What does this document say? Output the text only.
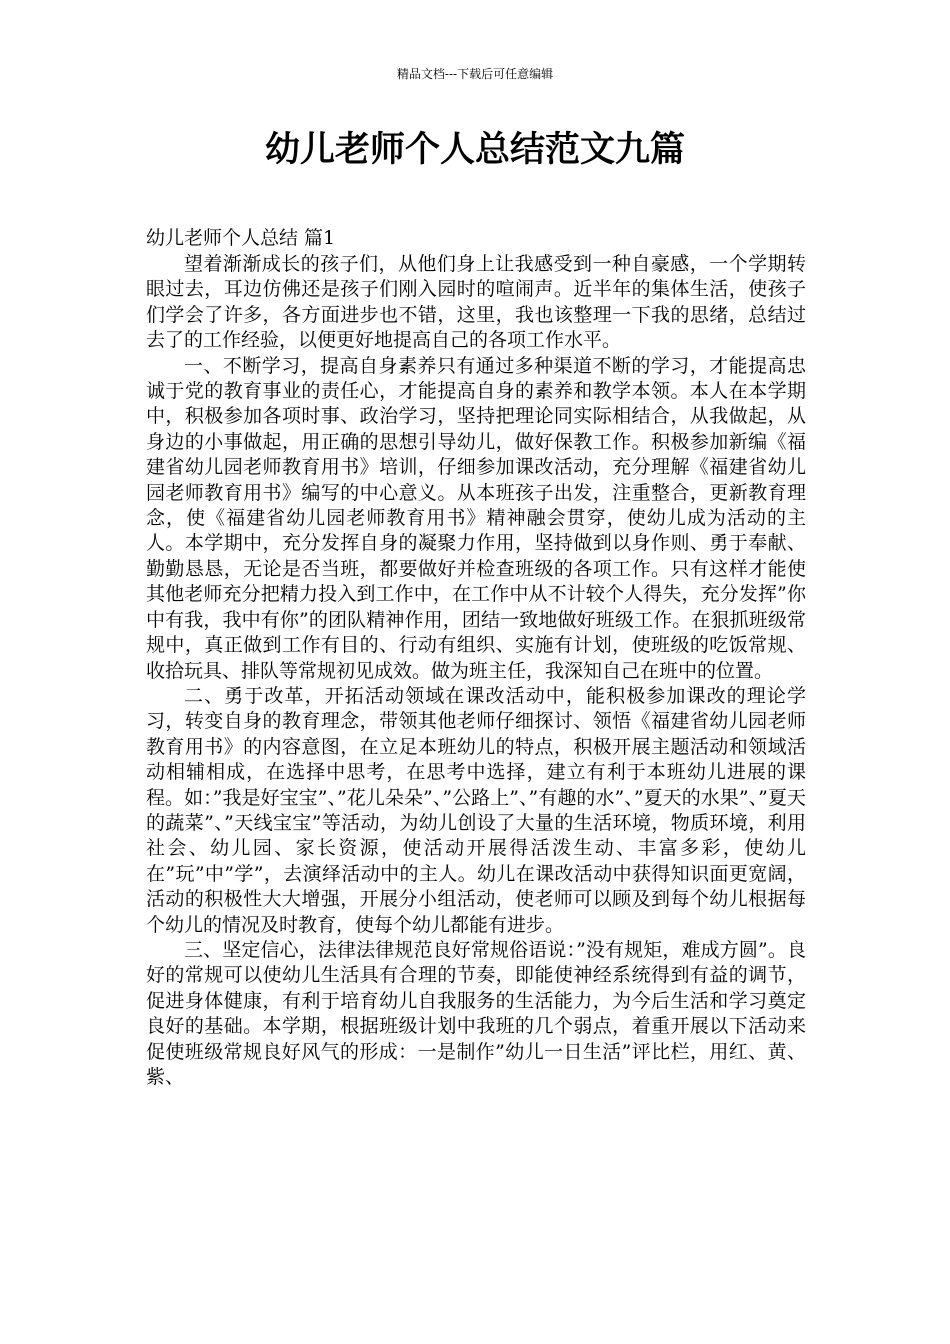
精品文档---下载后可任意编辑
幼儿老师个人总结范文九篇

幼儿老师个人总结 篇1

望着渐渐成长的孩子们，从他们身上让我感受到一种自豪感，一个学期转眼过去，耳边仿佛还是孩子们刚入园时的喧闹声。近半年的集体生活，使孩子们学会了许多，各方面进步也不错，这里，我也该整理一下我的思绪，总结过去了的工作经验，以便更好地提高自己的各项工作水平。

一、不断学习，提高自身素养只有通过多种渠道不断的学习，才能提高忠诚于党的教育事业的责任心，才能提高自身的素养和教学本领。本人在本学期中，积极参加各项时事、政治学习，坚持把理论同实际相结合，从我做起，从身边的小事做起，用正确的思想引导幼儿，做好保教工作。积极参加新编《福建省幼儿园老师教育用书》培训，仔细参加课改活动，充分理解《福建省幼儿园老师教育用书》编写的中心意义。从本班孩子出发，注重整合，更新教育理念，使《福建省幼儿园老师教育用书》精神融会贯穿，使幼儿成为活动的主人。本学期中，充分发挥自身的凝聚力作用，坚持做到以身作则、勇于奉献、勤勤恳恳，无论是否当班，都要做好并检查班级的各项工作。只有这样才能使其他老师充分把精力投入到工作中，在工作中从不计较个人得失，充分发挥”你中有我，我中有你”的团队精神作用，团结一致地做好班级工作。在狠抓班级常规中，真正做到工作有目的、行动有组织、实施有计划，使班级的吃饭常规、收拾玩具、排队等常规初见成效。做为班主任，我深知自己在班中的位置。

二、勇于改革，开拓活动领域在课改活动中，能积极参加课改的理论学习，转变自身的教育理念，带领其他老师仔细探讨、领悟《福建省幼儿园老师教育用书》的内容意图，在立足本班幼儿的特点，积极开展主题活动和领域活动相辅相成，在选择中思考，在思考中选择，建立有利于本班幼儿进展的课程。如：”我是好宝宝”、”花儿朵朵”、”公路上”、”有趣的水”、”夏天的水果”、”夏天的蔬菜”、”天线宝宝”等活动，为幼儿创设了大量的生活环境，物质环境，利用社会、幼儿园、家长资源，使活动开展得活泼生动、丰富多彩，使幼儿在”玩”中”学”，去演绎活动中的主人。幼儿在课改活动中获得知识面更宽阔，活动的积极性大大增强，开展分小组活动，使老师可以顾及到每个幼儿根据每个幼儿的情况及时教育，使每个幼儿都能有进步。

三、坚定信心，法律法律规范良好常规俗语说：”没有规矩，难成方圆”。良好的常规可以使幼儿生活具有合理的节奏，即能使神经系统得到有益的调节，促进身体健康，有利于培育幼儿自我服务的生活能力，为今后生活和学习奠定良好的基础。本学期，根据班级计划中我班的几个弱点，着重开展以下活动来促使班级常规良好风气的形成：一是制作”幼儿一日生活”评比栏，用红、黄、紫、
